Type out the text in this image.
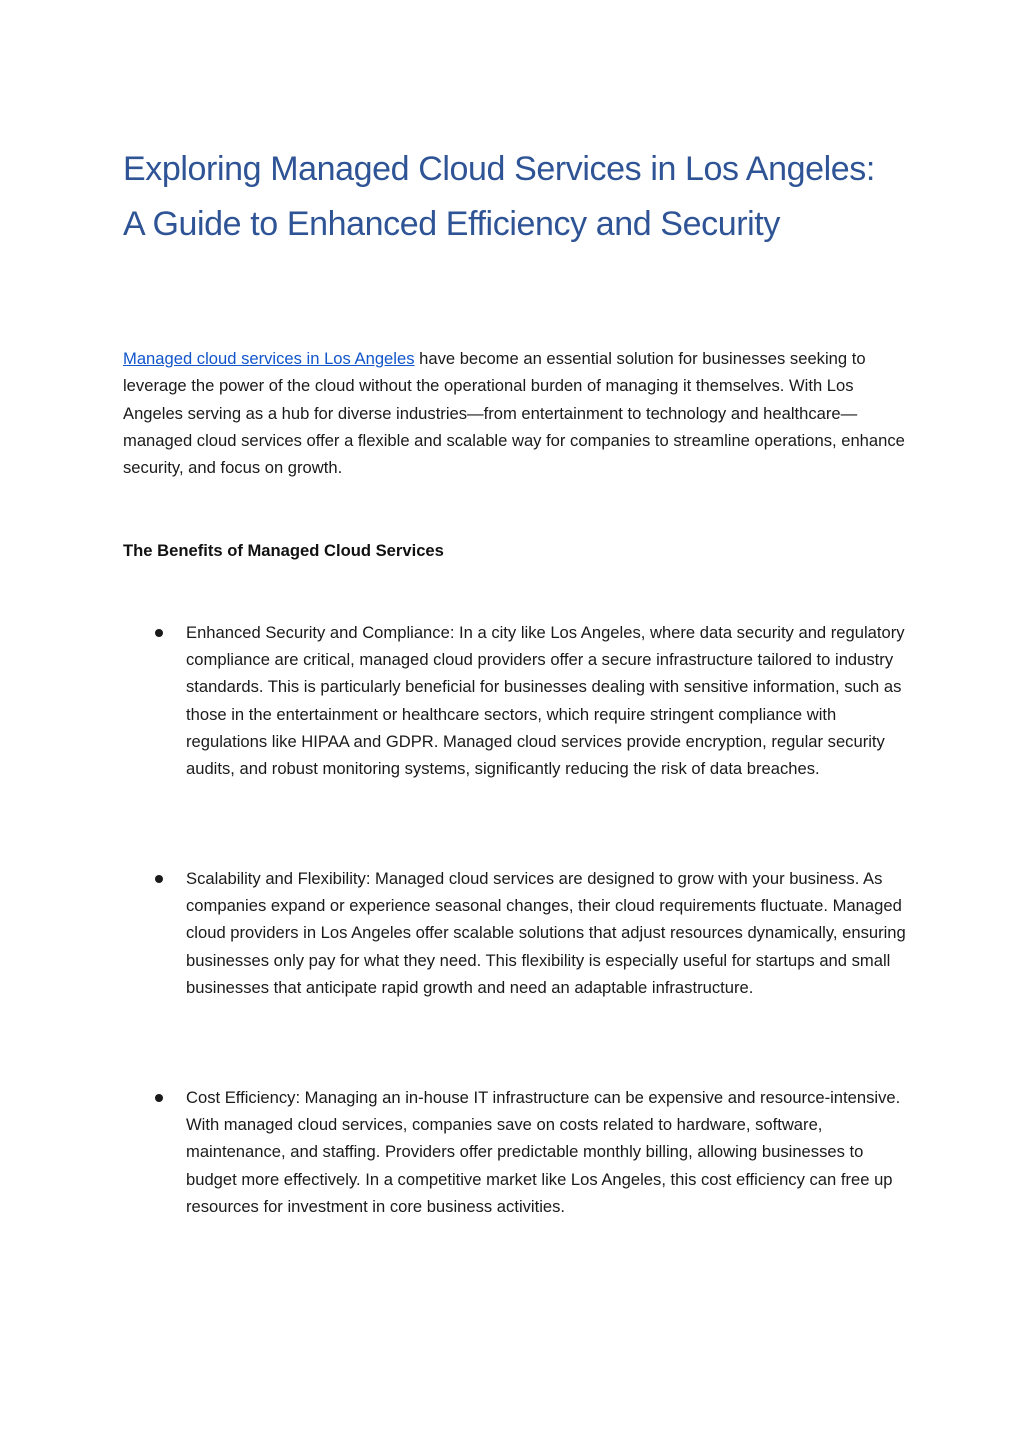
Exploring Managed Cloud Services in Los Angeles: A Guide to Enhanced Efficiency and Security

Managed cloud services in Los Angeles have become an essential solution for businesses seeking to leverage the power of the cloud without the operational burden of managing it themselves. With Los Angeles serving as a hub for diverse industries—from entertainment to technology and healthcare—managed cloud services offer a flexible and scalable way for companies to streamline operations, enhance security, and focus on growth.

The Benefits of Managed Cloud Services

Enhanced Security and Compliance: In a city like Los Angeles, where data security and regulatory compliance are critical, managed cloud providers offer a secure infrastructure tailored to industry standards. This is particularly beneficial for businesses dealing with sensitive information, such as those in the entertainment or healthcare sectors, which require stringent compliance with regulations like HIPAA and GDPR. Managed cloud services provide encryption, regular security audits, and robust monitoring systems, significantly reducing the risk of data breaches.

Scalability and Flexibility: Managed cloud services are designed to grow with your business. As companies expand or experience seasonal changes, their cloud requirements fluctuate. Managed cloud providers in Los Angeles offer scalable solutions that adjust resources dynamically, ensuring businesses only pay for what they need. This flexibility is especially useful for startups and small businesses that anticipate rapid growth and need an adaptable infrastructure.

Cost Efficiency: Managing an in-house IT infrastructure can be expensive and resource-intensive. With managed cloud services, companies save on costs related to hardware, software, maintenance, and staffing. Providers offer predictable monthly billing, allowing businesses to budget more effectively. In a competitive market like Los Angeles, this cost efficiency can free up resources for investment in core business activities.
